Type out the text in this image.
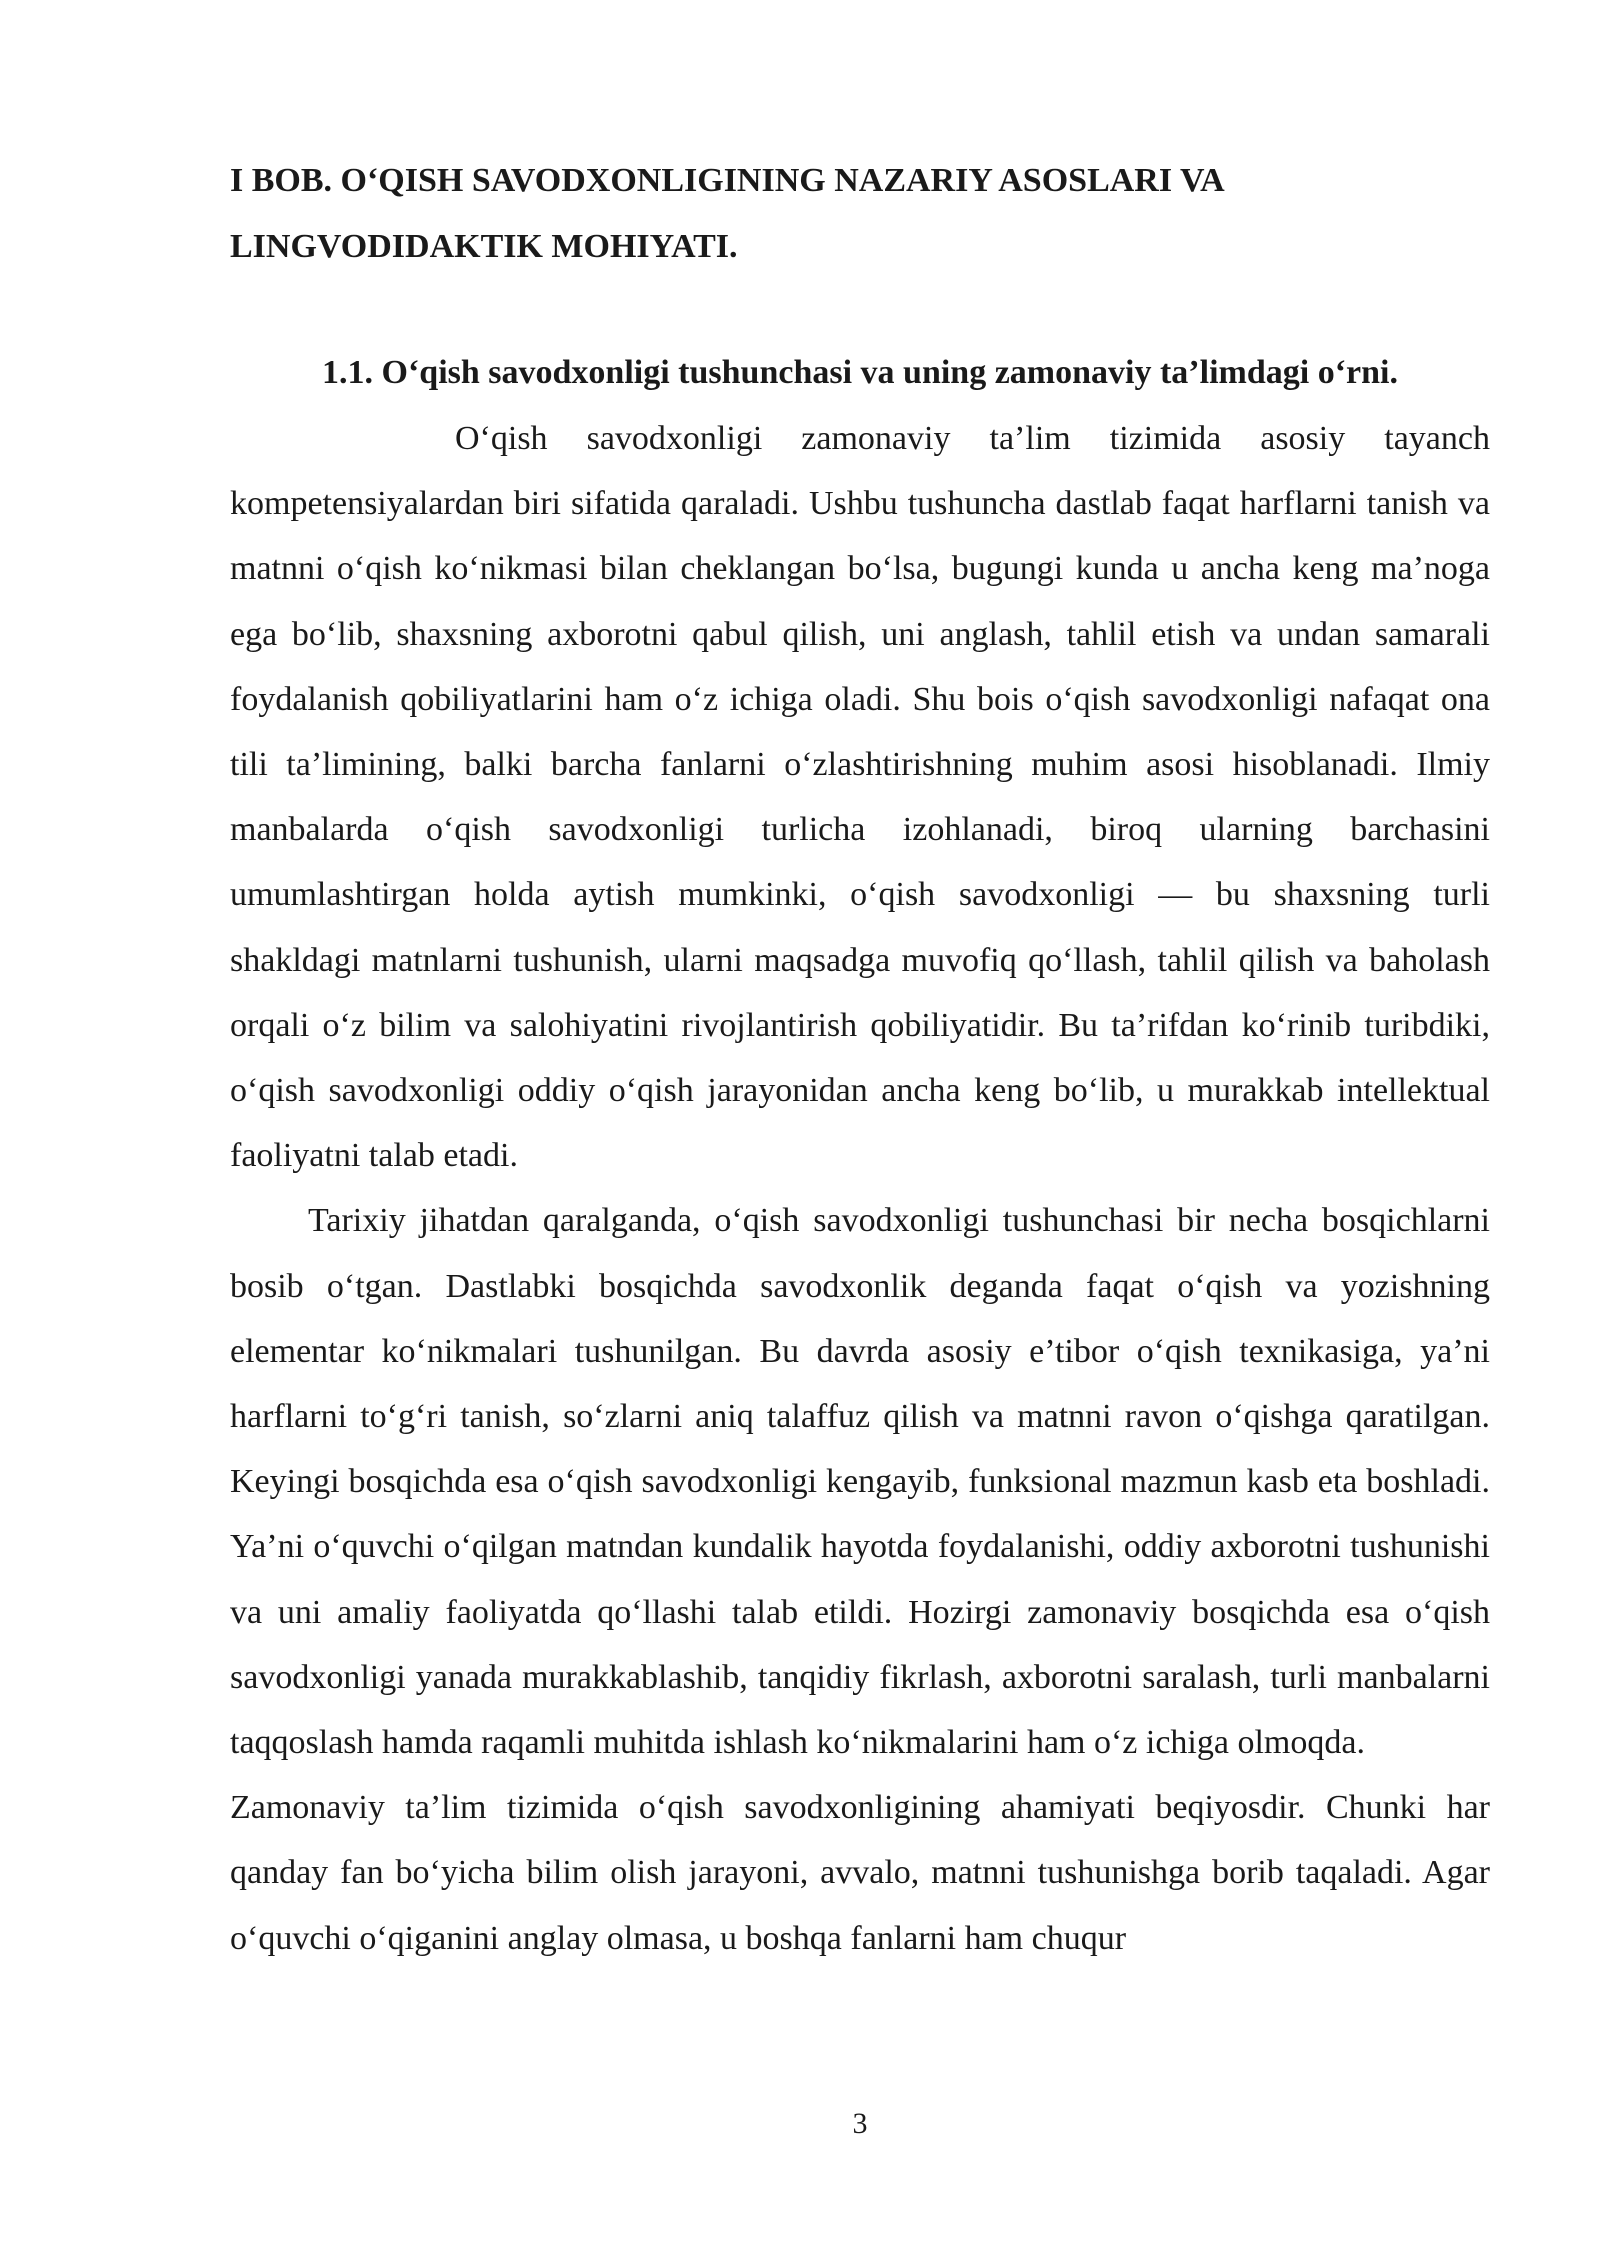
I BOB. O‘QISH SAVODXONLIGINING NAZARIY ASOSLARI VA LINGVODIDAKTIK MOHIYATI.
1.1. O‘qish savodxonligi tushunchasi va uning zamonaviy ta’limdagi o‘rni.

O‘qish savodxonligi zamonaviy ta’lim tizimida asosiy tayanch kompetensiyalardan biri sifatida qaraladi. Ushbu tushuncha dastlab faqat harflarni tanish va matnni o‘qish ko‘nikmasi bilan cheklangan bo‘lsa, bugungi kunda u ancha keng ma’noga ega bo‘lib, shaxsning axborotni qabul qilish, uni anglash, tahlil etish va undan samarali foydalanish qobiliyatlarini ham o‘z ichiga oladi. Shu bois o‘qish savodxonligi nafaqat ona tili ta’limining, balki barcha fanlarni o‘zlashtirishning muhim asosi hisoblanadi. Ilmiy manbalarda o‘qish savodxonligi turlicha izohlanadi, biroq ularning barchasini umumlashtirgan holda aytish mumkinki, o‘qish savodxonligi — bu shaxsning turli shakldagi matnlarni tushunish, ularni maqsadga muvofiq qo‘llash, tahlil qilish va baholash orqali o‘z bilim va salohiyatini rivojlantirish qobiliyatidir. Bu ta’rifdan ko‘rinib turibdiki, o‘qish savodxonligi oddiy o‘qish jarayonidan ancha keng bo‘lib, u murakkab intellektual faoliyatni talab etadi.

Tarixiy jihatdan qaralganda, o‘qish savodxonligi tushunchasi bir necha bosqichlarni bosib o‘tgan. Dastlabki bosqichda savodxonlik deganda faqat o‘qish va yozishning elementar ko‘nikmalari tushunilgan. Bu davrda asosiy e’tibor o‘qish texnikasiga, ya’ni harflarni to‘g‘ri tanish, so‘zlarni aniq talaffuz qilish va matnni ravon o‘qishga qaratilgan. Keyingi bosqichda esa o‘qish savodxonligi kengayib, funksional mazmun kasb eta boshladi. Ya’ni o‘quvchi o‘qilgan matndan kundalik hayotda foydalanishi, oddiy axborotni tushunishi va uni amaliy faoliyatda qo‘llashi talab etildi. Hozirgi zamonaviy bosqichda esa o‘qish savodxonligi yanada murakkablashib, tanqidiy fikrlash, axborotni saralash, turli manbalarni taqqoslash hamda raqamli muhitda ishlash ko‘nikmalarini ham o‘z ichiga olmoqda.

Zamonaviy ta’lim tizimida o‘qish savodxonligining ahamiyati beqiyosdir. Chunki har qanday fan bo‘yicha bilim olish jarayoni, avvalo, matnni tushunishga borib taqaladi. Agar o‘quvchi o‘qiganini anglay olmasa, u boshqa fanlarni ham chuqur

3
